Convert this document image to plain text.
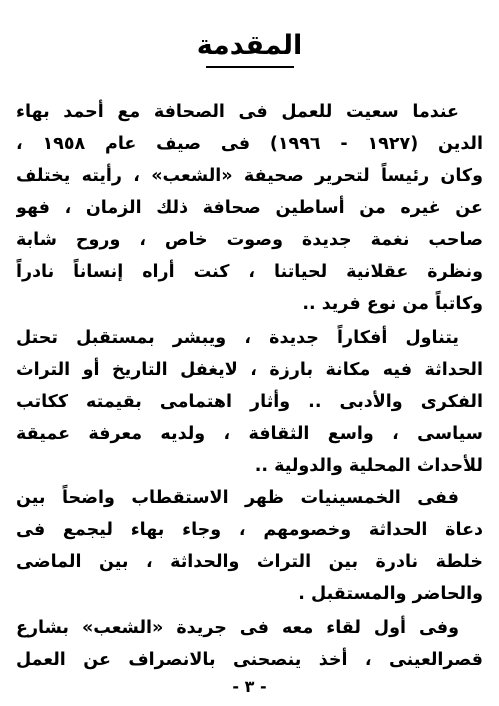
المقدمة
عندما سعيت للعمل فى الصحافة مع أحمد بهاء
الدين (١٩٢٧ - ١٩٩٦) فى صيف عام ١٩٥٨ ،
وكان رئيساً لتحرير صحيفة «الشعب» ، رأيته يختلف
عن غيره من أساطين صحافة ذلك الزمان ، فهو
صاحب نغمة جديدة وصوت خاص ، وروح شابة
ونظرة عقلانية لحياتنا ، كنت أراه إنساناً نادراً
وكاتباً من نوع فريد ..
يتناول أفكاراً جديدة ، ويبشر بمستقبل تحتل
الحداثة فيه مكانة بارزة ، لايغفل التاريخ أو التراث
الفكرى والأدبى .. وأثار اهتمامى بقيمته ككاتب
سياسى ، واسع الثقافة ، ولديه معرفة عميقة
للأحداث المحلية والدولية ..
ففى الخمسينيات ظهر الاستقطاب واضحاً بين
دعاة الحداثة وخصومهم ، وجاء بهاء ليجمع فى
خلطة نادرة بين التراث والحداثة ، بين الماضى
والحاضر والمستقبل .
وفى أول لقاء معه فى جريدة «الشعب» بشارع
قصرالعينى ، أخذ ينصحنى بالانصراف عن العمل
- ٣ -
